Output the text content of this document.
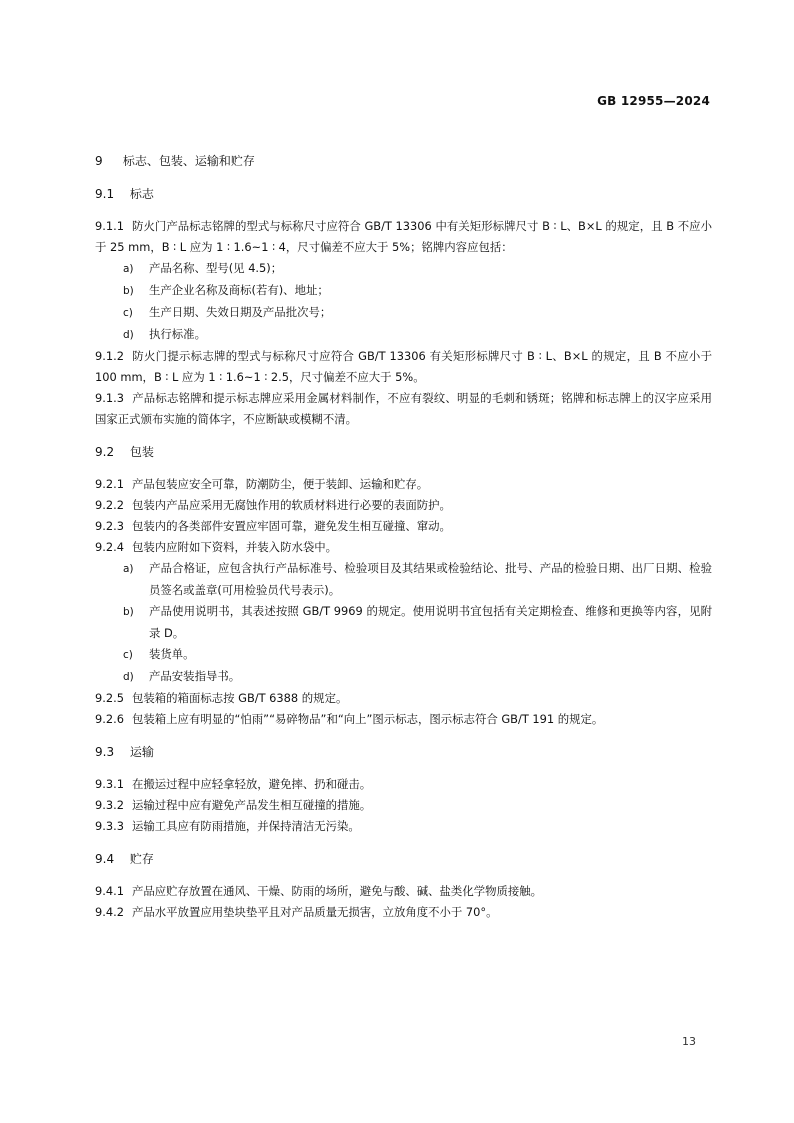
GB 12955—2024
9 标志、包装、运输和贮存
9.1 标志

9.1.1 防火门产品标志铭牌的型式与标称尺寸应符合 GB/T 13306 中有关矩形标牌尺寸 B ∶ L、B×L 的规定，且 B 不应小于 25 mm，B ∶ L 应为 1 ∶ 1.6~1 ∶ 4，尺寸偏差不应大于 5%；铭牌内容应包括：

a) 产品名称、型号(见 4.5)；
b) 生产企业名称及商标(若有)、地址；
c) 生产日期、失效日期及产品批次号；
d) 执行标准。

9.1.2 防火门提示标志牌的型式与标称尺寸应符合 GB/T 13306 有关矩形标牌尺寸 B ∶ L、B×L 的规定，且 B 不应小于 100 mm，B ∶ L 应为 1 ∶ 1.6~1 ∶ 2.5，尺寸偏差不应大于 5%。

9.1.3 产品标志铭牌和提示标志牌应采用金属材料制作，不应有裂纹、明显的毛刺和锈斑；铭牌和标志牌上的汉字应采用国家正式颁布实施的简体字，不应断缺或模糊不清。

9.2 包装

9.2.1 产品包装应安全可靠，防潮防尘，便于装卸、运输和贮存。

9.2.2 包装内产品应采用无腐蚀作用的软质材料进行必要的表面防护。

9.2.3 包装内的各类部件安置应牢固可靠，避免发生相互碰撞、窜动。

9.2.4 包装内应附如下资料，并装入防水袋中。

a) 产品合格证，应包含执行产品标准号、检验项目及其结果或检验结论、批号、产品的检验日期、出厂日期、检验员签名或盖章(可用检验员代号表示)。
b) 产品使用说明书，其表述按照 GB/T 9969 的规定。使用说明书宜包括有关定期检查、维修和更换等内容，见附录 D。
c) 装货单。
d) 产品安装指导书。

9.2.5 包装箱的箱面标志按 GB/T 6388 的规定。

9.2.6 包装箱上应有明显的“怕雨”“易碎物品”和“向上”图示标志，图示标志符合 GB/T 191 的规定。

9.3 运输

9.3.1 在搬运过程中应轻拿轻放，避免摔、扔和碰击。

9.3.2 运输过程中应有避免产品发生相互碰撞的措施。

9.3.3 运输工具应有防雨措施，并保持清洁无污染。

9.4 贮存

9.4.1 产品应贮存放置在通风、干燥、防雨的场所，避免与酸、碱、盐类化学物质接触。

9.4.2 产品水平放置应用垫块垫平且对产品质量无损害，立放角度不小于 70°。

13
